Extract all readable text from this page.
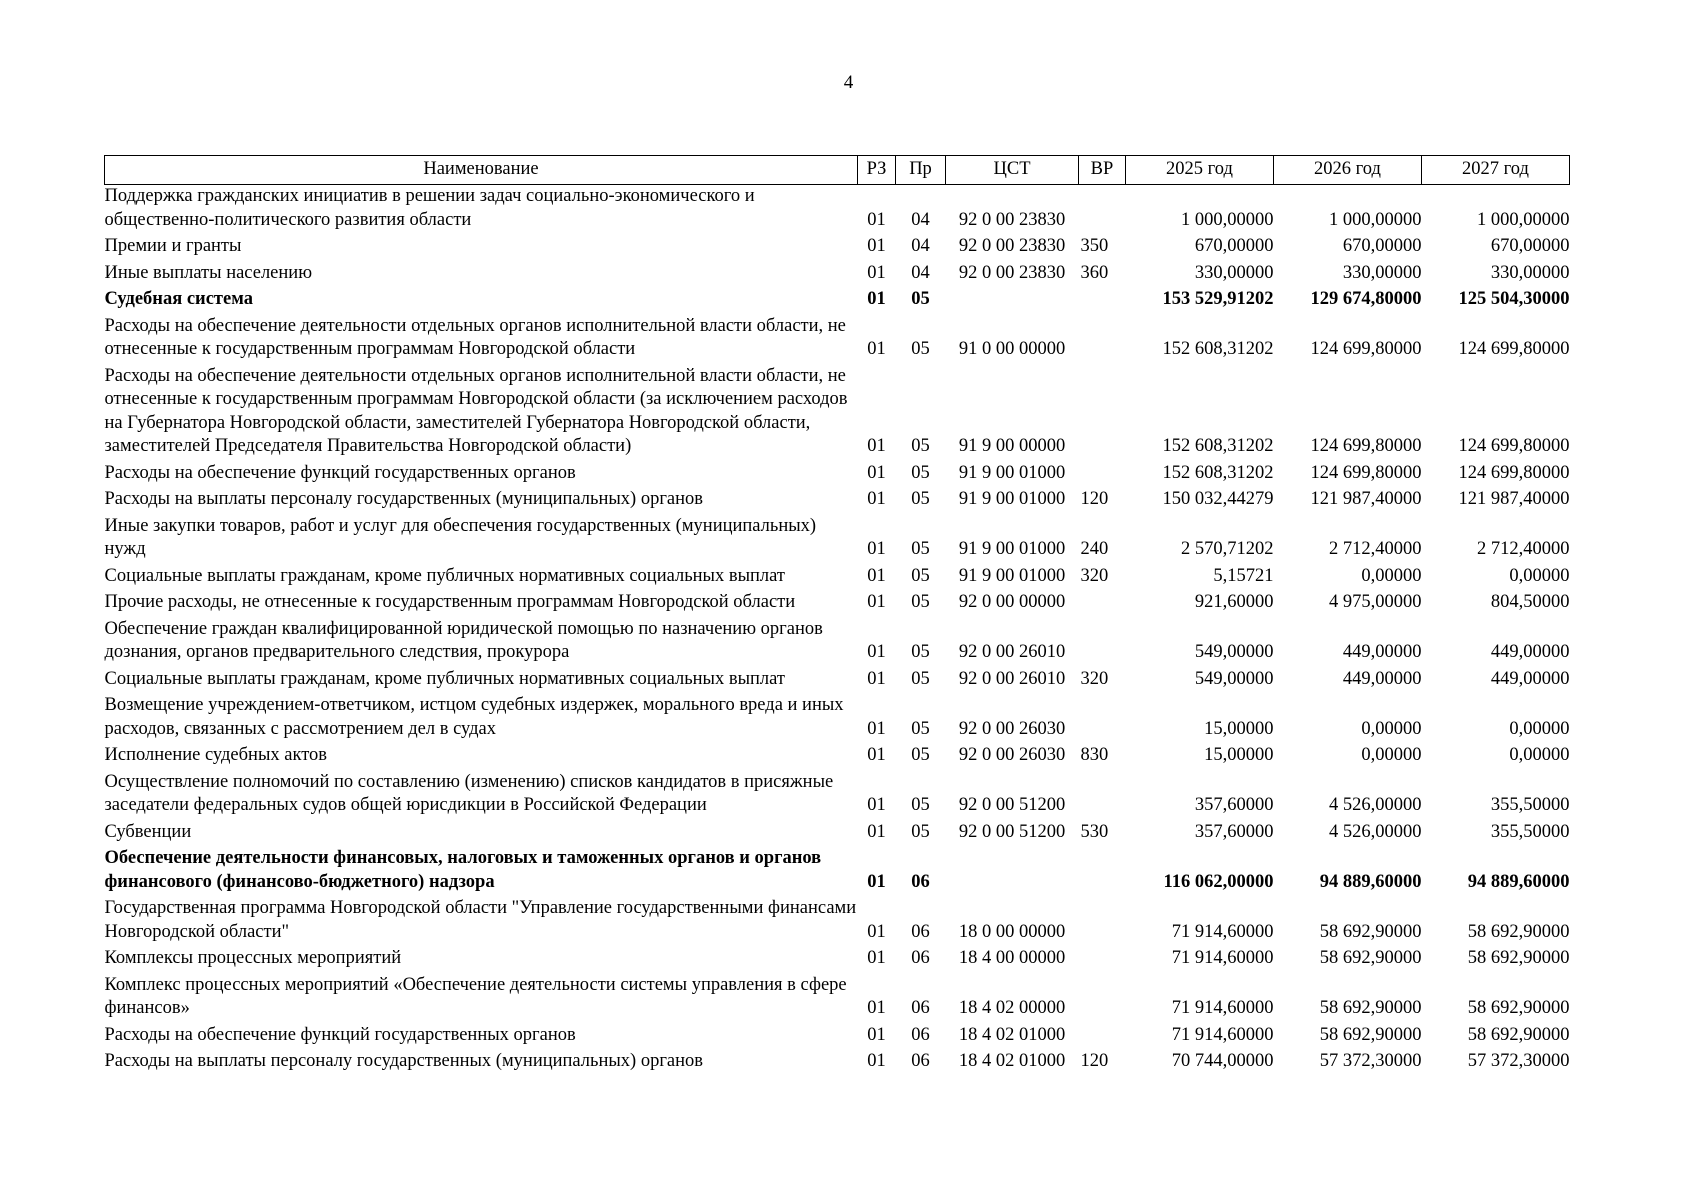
4
Наименование	РЗ	Пр	ЦСТ	ВР	2025 год	2026 год	2027 год
Поддержка гражданских инициатив в решении задач социально-экономического и общественно-политического развития области	01	04	92 0 00 23830		1 000,00000	1 000,00000	1 000,00000
Премии и гранты	01	04	92 0 00 23830	350	670,00000	670,00000	670,00000
Иные выплаты населению	01	04	92 0 00 23830	360	330,00000	330,00000	330,00000
Судебная система	01	05			153 529,91202	129 674,80000	125 504,30000
Расходы на обеспечение деятельности отдельных органов исполнительной власти области, не отнесенные к государственным программам Новгородской области	01	05	91 0 00 00000		152 608,31202	124 699,80000	124 699,80000
Расходы на обеспечение деятельности отдельных органов исполнительной власти области, не отнесенные к государственным программам Новгородской области (за исключением расходов на Губернатора Новгородской области, заместителей Губернатора Новгородской области, заместителей Председателя Правительства Новгородской области)	01	05	91 9 00 00000		152 608,31202	124 699,80000	124 699,80000
Расходы на обеспечение функций государственных органов	01	05	91 9 00 01000		152 608,31202	124 699,80000	124 699,80000
Расходы на выплаты персоналу государственных (муниципальных) органов	01	05	91 9 00 01000	120	150 032,44279	121 987,40000	121 987,40000
Иные закупки товаров, работ и услуг для обеспечения государственных (муниципальных) нужд	01	05	91 9 00 01000	240	2 570,71202	2 712,40000	2 712,40000
Социальные выплаты гражданам, кроме публичных нормативных социальных выплат	01	05	91 9 00 01000	320	5,15721	0,00000	0,00000
Прочие расходы, не отнесенные к государственным программам Новгородской области	01	05	92 0 00 00000		921,60000	4 975,00000	804,50000
Обеспечение граждан квалифицированной юридической помощью по назначению органов дознания, органов предварительного следствия, прокурора	01	05	92 0 00 26010		549,00000	449,00000	449,00000
Социальные выплаты гражданам, кроме публичных нормативных социальных выплат	01	05	92 0 00 26010	320	549,00000	449,00000	449,00000
Возмещение учреждением-ответчиком, истцом судебных издержек, морального вреда и иных расходов, связанных с рассмотрением дел в судах	01	05	92 0 00 26030		15,00000	0,00000	0,00000
Исполнение судебных актов	01	05	92 0 00 26030	830	15,00000	0,00000	0,00000
Осуществление полномочий по составлению (изменению) списков кандидатов в присяжные заседатели федеральных судов общей юрисдикции в Российской Федерации	01	05	92 0 00 51200		357,60000	4 526,00000	355,50000
Субвенции	01	05	92 0 00 51200	530	357,60000	4 526,00000	355,50000
Обеспечение деятельности финансовых, налоговых и таможенных органов и органов финансового (финансово-бюджетного) надзора	01	06			116 062,00000	94 889,60000	94 889,60000
Государственная программа Новгородской области "Управление государственными финансами Новгородской области"	01	06	18 0 00 00000		71 914,60000	58 692,90000	58 692,90000
Комплексы процессных мероприятий	01	06	18 4 00 00000		71 914,60000	58 692,90000	58 692,90000
Комплекс процессных мероприятий «Обеспечение деятельности системы управления в сфере финансов»	01	06	18 4 02 00000		71 914,60000	58 692,90000	58 692,90000
Расходы на обеспечение функций государственных органов	01	06	18 4 02 01000		71 914,60000	58 692,90000	58 692,90000
Расходы на выплаты персоналу государственных (муниципальных) органов	01	06	18 4 02 01000	120	70 744,00000	57 372,30000	57 372,30000
